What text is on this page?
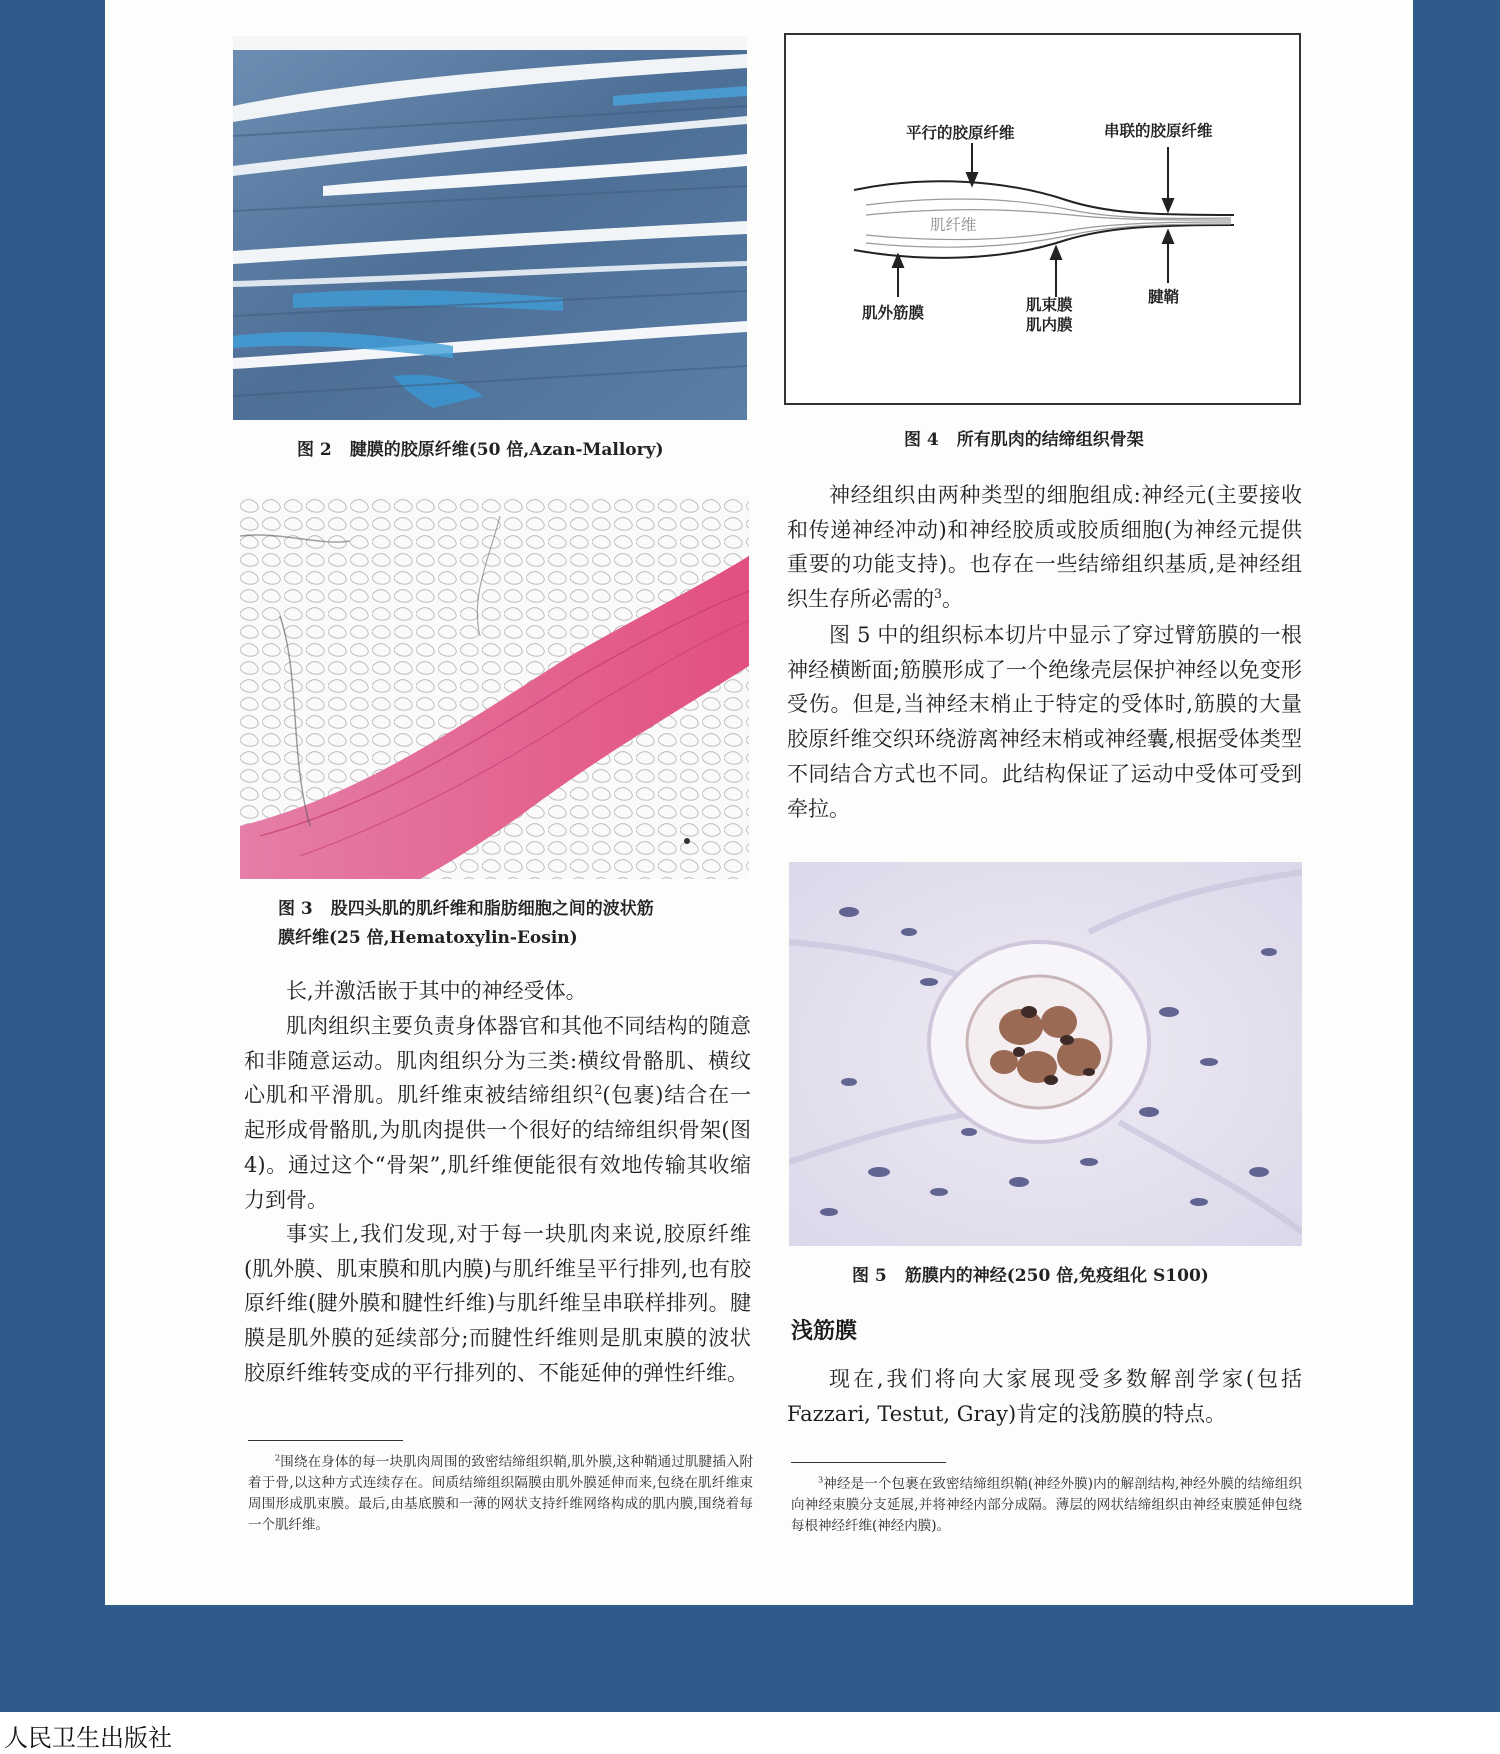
图 2 腱膜的胶原纤维(50 倍,Azan-Mallory)
平行的胶原纤维	串联的胶原纤维
肌纤维
肌外筋膜	肌束膜
肌内膜
腱鞘
图 4 所有肌肉的结缔组织骨架
图 3 股四头肌的肌纤维和脂肪细胞之间的波状筋
膜纤维(25 倍,Hematoxylin-Eosin)
图 5 筋膜内的神经(250 倍,免疫组化 S100)

长,并激活嵌于其中的神经受体。

肌肉组织主要负责身体器官和其他不同结构的随意和非随意运动。肌肉组织分为三类:横纹骨骼肌、横纹心肌和平滑肌。肌纤维束被结缔组织$^2$(包裹)结合在一起形成骨骼肌,为肌肉提供一个很好的结缔组织骨架(图 4)。通过这个“骨架”,肌纤维便能很有效地传输其收缩力到骨。

事实上,我们发现,对于每一块肌肉来说,胶原纤维(肌外膜、肌束膜和肌内膜)与肌纤维呈平行排列,也有胶原纤维(腱外膜和腱性纤维)与肌纤维呈串联样排列。腱膜是肌外膜的延续部分;而腱性纤维则是肌束膜的波状胶原纤维转变成的平行排列的、不能延伸的弹性纤维。

$^2$围绕在身体的每一块肌肉周围的致密结缔组织鞘,肌外膜,这种鞘通过肌腱插入附着于骨,以这种方式连续存在。间质结缔组织隔膜由肌外膜延伸而来,包绕在肌纤维束周围形成肌束膜。最后,由基底膜和一薄的网状支持纤维网络构成的肌内膜,围绕着每一个肌纤维。

神经组织由两种类型的细胞组成:神经元(主要接收和传递神经冲动)和神经胶质或胶质细胞(为神经元提供重要的功能支持)。也存在一些结缔组织基质,是神经组织生存所必需的$^3$。

图 5 中的组织标本切片中显示了穿过臂筋膜的一根神经横断面;筋膜形成了一个绝缘壳层保护神经以免变形受伤。但是,当神经末梢止于特定的受体时,筋膜的大量胶原纤维交织环绕游离神经末梢或神经囊,根据受体类型不同结合方式也不同。此结构保证了运动中受体可受到牵拉。

浅筋膜

现在,我们将向大家展现受多数解剖学家(包括 Fazzari, Testut, Gray)肯定的浅筋膜的特点。

$^3$神经是一个包裹在致密结缔组织鞘(神经外膜)内的解剖结构,神经外膜的结缔组织向神经束膜分支延展,并将神经内部分成隔。薄层的网状结缔组织由神经束膜延伸包绕每根神经纤维(神经内膜)。

人民卫生出版社
